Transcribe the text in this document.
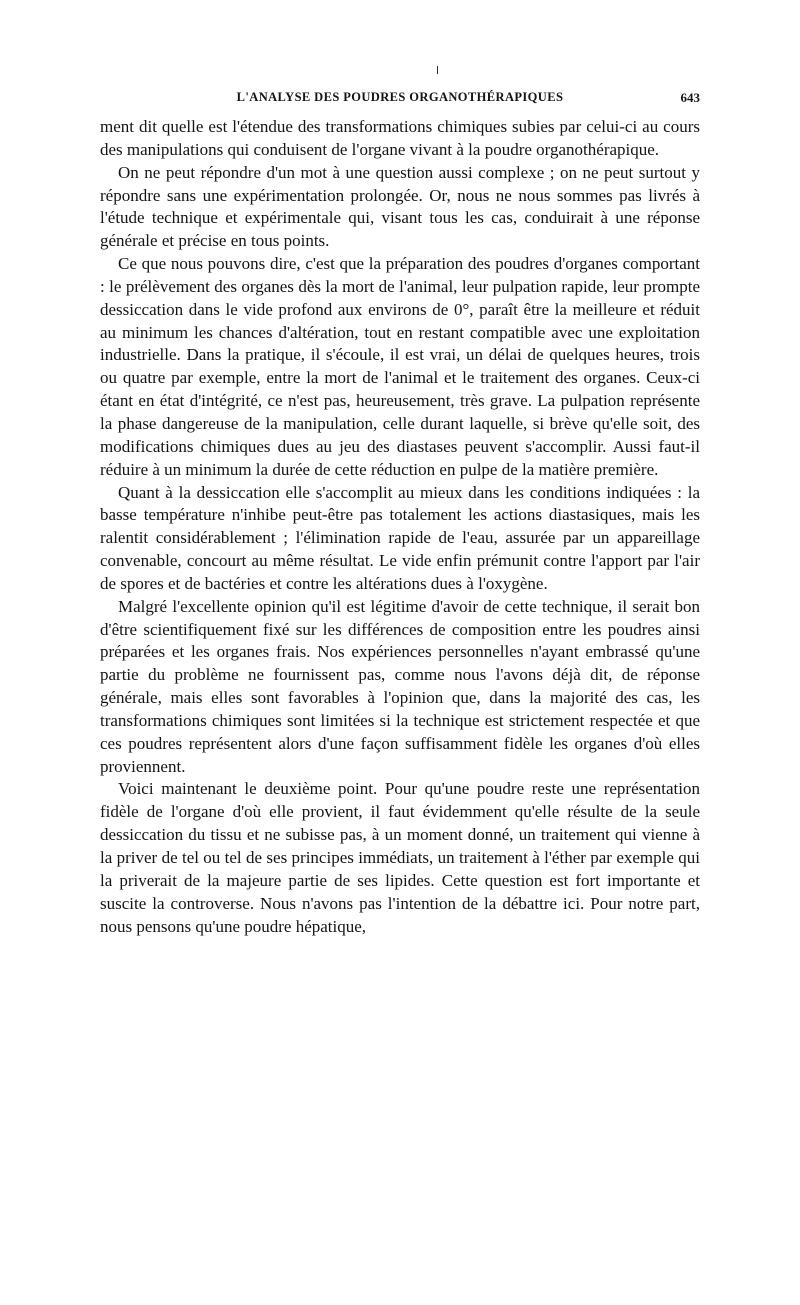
L'ANALYSE DES POUDRES ORGANOTHÉRAPIQUES	643

ment dit quelle est l'étendue des transformations chimiques subies par celui-ci au cours des manipulations qui conduisent de l'organe vivant à la poudre organothérapique.

On ne peut répondre d'un mot à une question aussi complexe ; on ne peut surtout y répondre sans une expérimentation prolongée. Or, nous ne nous sommes pas livrés à l'étude technique et expérimentale qui, visant tous les cas, conduirait à une réponse générale et précise en tous points.

Ce que nous pouvons dire, c'est que la préparation des poudres d'organes comportant : le prélèvement des organes dès la mort de l'animal, leur pulpation rapide, leur prompte dessiccation dans le vide profond aux environs de 0°, paraît être la meilleure et réduit au minimum les chances d'altération, tout en restant compatible avec une exploitation industrielle. Dans la pratique, il s'écoule, il est vrai, un délai de quelques heures, trois ou quatre par exemple, entre la mort de l'animal et le traitement des organes. Ceux-ci étant en état d'intégrité, ce n'est pas, heureusement, très grave. La pulpation représente la phase dangereuse de la manipulation, celle durant laquelle, si brève qu'elle soit, des modifications chimiques dues au jeu des diastases peuvent s'accomplir. Aussi faut-il réduire à un minimum la durée de cette réduction en pulpe de la matière première.

Quant à la dessiccation elle s'accomplit au mieux dans les conditions indiquées : la basse température n'inhibe peut-être pas totalement les actions diastasiques, mais les ralentit considérablement ; l'élimination rapide de l'eau, assurée par un appareillage convenable, concourt au même résultat. Le vide enfin prémunit contre l'apport par l'air de spores et de bactéries et contre les altérations dues à l'oxygène.

Malgré l'excellente opinion qu'il est légitime d'avoir de cette technique, il serait bon d'être scientifiquement fixé sur les différences de composition entre les poudres ainsi préparées et les organes frais. Nos expériences personnelles n'ayant embrassé qu'une partie du problème ne fournissent pas, comme nous l'avons déjà dit, de réponse générale, mais elles sont favorables à l'opinion que, dans la majorité des cas, les transformations chimiques sont limitées si la technique est strictement respectée et que ces poudres représentent alors d'une façon suffisamment fidèle les organes d'où elles proviennent.

Voici maintenant le deuxième point. Pour qu'une poudre reste une représentation fidèle de l'organe d'où elle provient, il faut évidemment qu'elle résulte de la seule dessiccation du tissu et ne subisse pas, à un moment donné, un traitement qui vienne à la priver de tel ou tel de ses principes immédiats, un traitement à l'éther par exemple qui la priverait de la majeure partie de ses lipides. Cette question est fort importante et suscite la controverse. Nous n'avons pas l'intention de la débattre ici. Pour notre part, nous pensons qu'une poudre hépatique,
